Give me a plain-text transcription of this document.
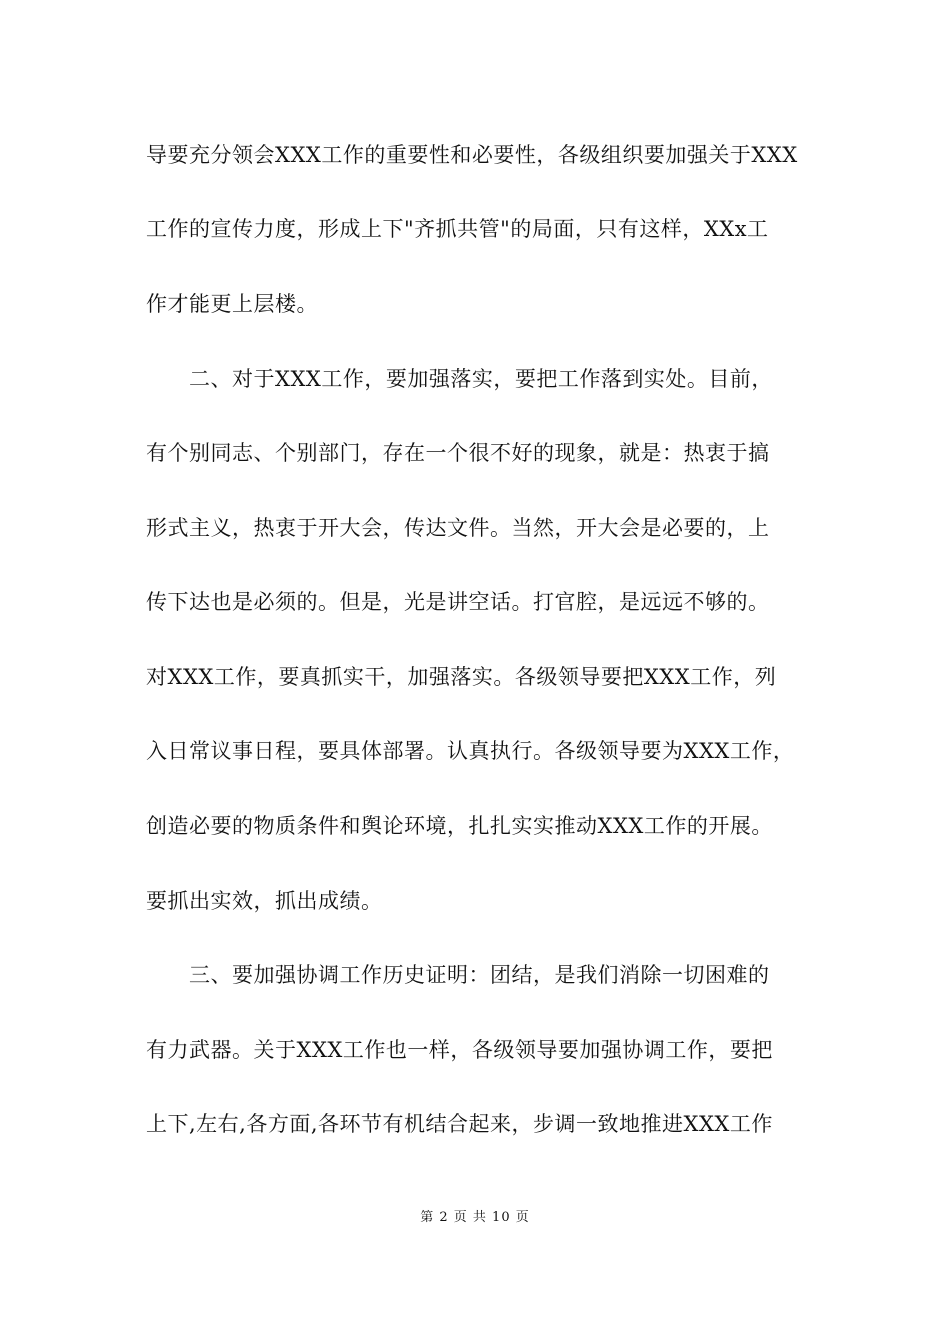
导要充分领会XXX工作的重要性和必要性，各级组织要加强关于XXX
工作的宣传力度，形成上下"齐抓共管"的局面，只有这样，XXx工
作才能更上层楼。
　　二、对于XXX工作，要加强落实，要把工作落到实处。目前，
有个别同志、个别部门，存在一个很不好的现象，就是：热衷于搞
形式主义，热衷于开大会，传达文件。当然，开大会是必要的，上
传下达也是必须的。但是，光是讲空话。打官腔，是远远不够的。
对XXX工作，要真抓实干，加强落实。各级领导要把XXX工作，列
入日常议事日程，要具体部署。认真执行。各级领导要为XXX工作，
创造必要的物质条件和舆论环境，扎扎实实推动XXX工作的开展。
要抓出实效，抓出成绩。
　　三、要加强协调工作历史证明：团结，是我们消除一切困难的
有力武器。关于XXX工作也一样，各级领导要加强协调工作，要把
上下,左右,各方面,各环节有机结合起来，步调一致地推进XXX工作
第 2 页 共 10 页
